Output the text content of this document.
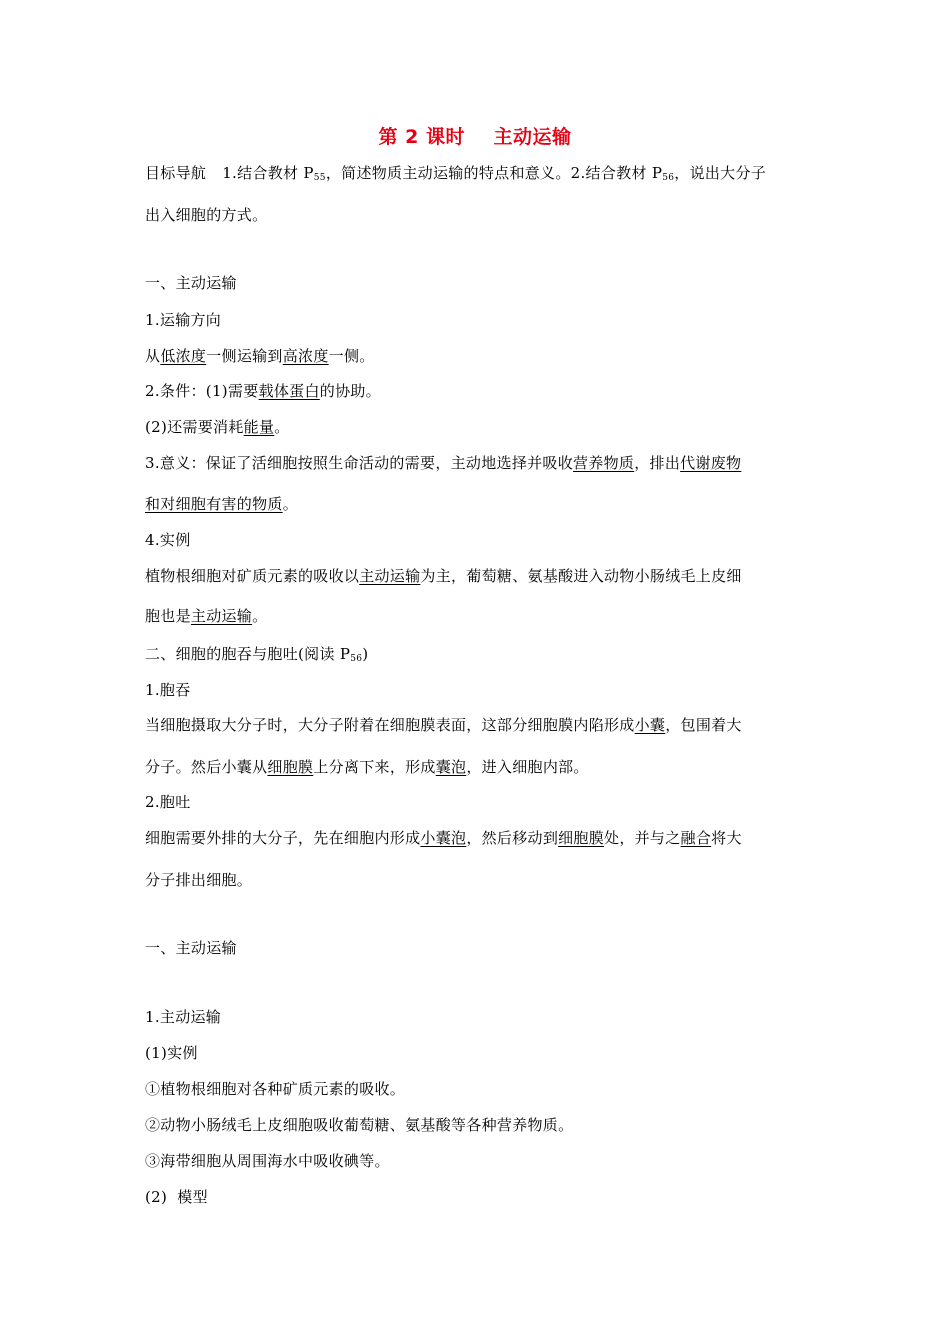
第 2 课时    主动运输
目标导航 1.结合教材 $P_{55}$，简述物质主动运输的特点和意义。2.结合教材 $P_{56}$，说出大分子
出入细胞的方式。
一、主动运输
1.运输方向
从低浓度一侧运输到高浓度一侧。
2.条件：(1)需要载体蛋白的协助。
(2)还需要消耗能量。
3.意义：保证了活细胞按照生命活动的需要，主动地选择并吸收营养物质，排出代谢废物
和对细胞有害的物质。
4.实例
植物根细胞对矿质元素的吸收以主动运输为主，葡萄糖、氨基酸进入动物小肠绒毛上皮细
胞也是主动运输。
二、细胞的胞吞与胞吐(阅读 $P_{56}$)
1.胞吞
当细胞摄取大分子时，大分子附着在细胞膜表面，这部分细胞膜内陷形成小囊，包围着大
分子。然后小囊从细胞膜上分离下来，形成囊泡，进入细胞内部。
2.胞吐
细胞需要外排的大分子，先在细胞内形成小囊泡，然后移动到细胞膜处，并与之融合将大
分子排出细胞。
一、主动运输
1.主动运输
(1)实例
①植物根细胞对各种矿质元素的吸收。
②动物小肠绒毛上皮细胞吸收葡萄糖、氨基酸等各种营养物质。
③海带细胞从周围海水中吸收碘等。
(2)  模型
